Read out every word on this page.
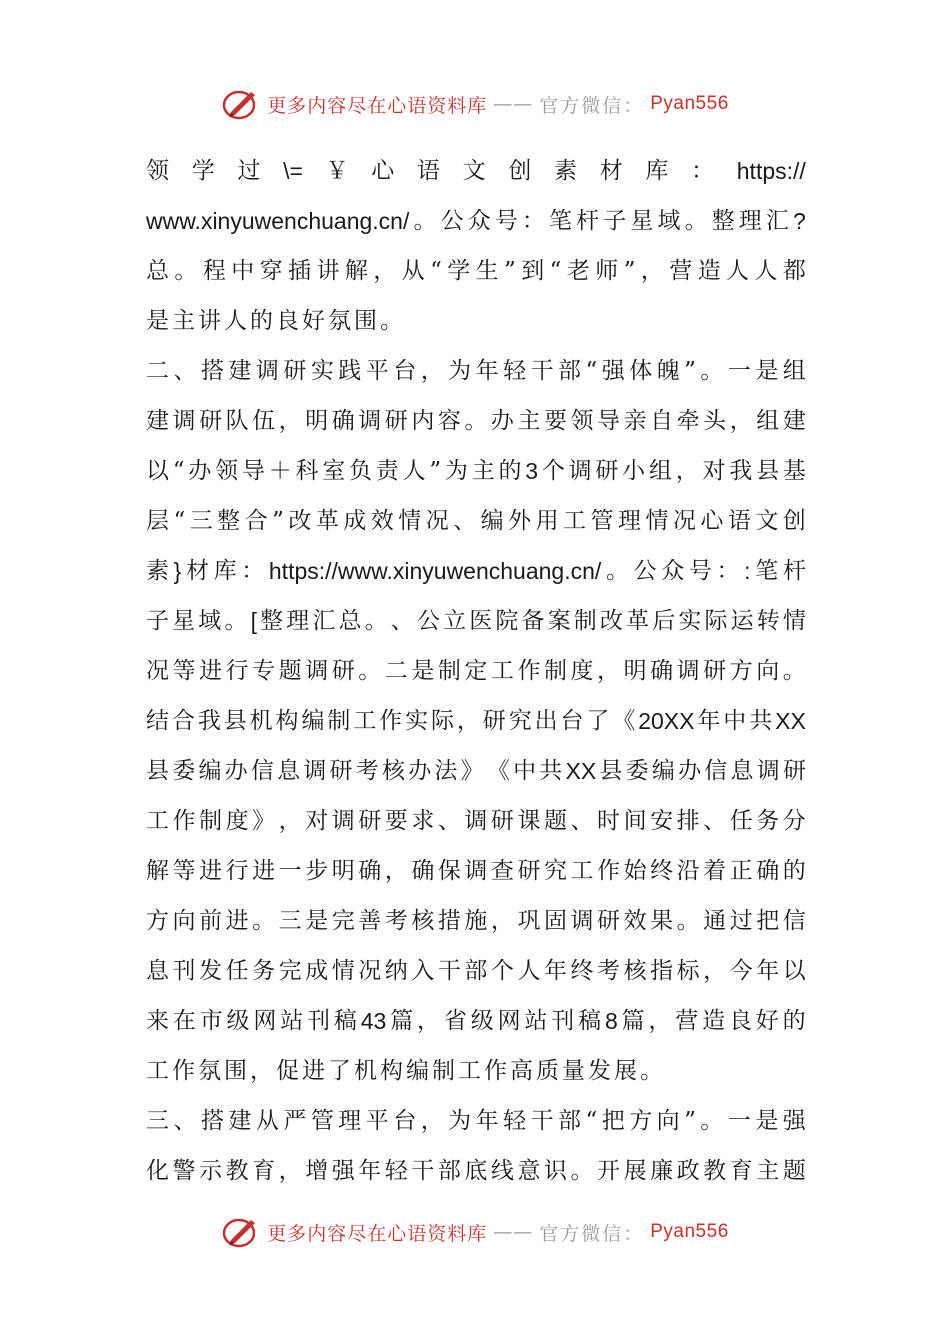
更多内容尽在心语资料库 —— 官方微信： Pyan556
领 学 过 \= ￥ 心 语 文 创 素 材 库 ： https://
www.xinyuwenchuang.cn/ 。 公 众 号 ： 笔 杆 子 星 域 。 整 理 汇 ?
总 。 程 中 穿 插 讲 解 ， 从 “ 学 生 ” 到 “ 老 师 ” ， 营 造 人 人 都
是主讲人的良好氛围。
二 、 搭 建 调 研 实 践 平 台 ， 为 年 轻 干 部 “ 强 体 魄 ” 。 一 是 组
建 调 研 队 伍 ， 明 确 调 研 内 容 。 办 主 要 领 导 亲 自 牵 头 ， 组 建
以 “ 办 领 导 ＋ 科 室 负 责 人 ” 为 主 的 3 个 调 研 小 组 ， 对 我 县 基
层 “ 三 整 合 ” 改 革 成 效 情 况 、 编 外 用 工 管 理 情 况 心 语 文 创
素 } 材 库 ： https://www.xinyuwenchuang.cn/ 。 公 众 号 ： : 笔 杆
子 星 域 。 [ 整 理 汇 总 。 、 公 立 医 院 备 案 制 改 革 后 实 际 运 转 情
况 等 进 行 专 题 调 研 。 二 是 制 定 工 作 制 度 ， 明 确 调 研 方 向 。
结 合 我 县 机 构 编 制 工 作 实 际 ， 研 究 出 台 了 《 20XX 年 中 共 XX
县 委 编 办 信 息 调 研 考 核 办 法 》 《 中 共 XX 县 委 编 办 信 息 调 研
工 作 制 度 》 ， 对 调 研 要 求 、 调 研 课 题 、 时 间 安 排 、 任 务 分
解 等 进 行 进 一 步 明 确 ， 确 保 调 查 研 究 工 作 始 终 沿 着 正 确 的
方 向 前 进 。 三 是 完 善 考 核 措 施 ， 巩 固 调 研 效 果 。 通 过 把 信
息 刊 发 任 务 完 成 情 况 纳 入 干 部 个 人 年 终 考 核 指 标 ， 今 年 以
来 在 市 级 网 站 刊 稿 43 篇 ， 省 级 网 站 刊 稿 8 篇 ， 营 造 良 好 的
工作氛围，促进了机构编制工作高质量发展。
三 、 搭 建 从 严 管 理 平 台 ， 为 年 轻 干 部 “ 把 方 向 ” 。 一 是 强
化 警 示 教 育 ， 增 强 年 轻 干 部 底 线 意 识 。 开 展 廉 政 教 育 主 题
更多内容尽在心语资料库 —— 官方微信： Pyan556
